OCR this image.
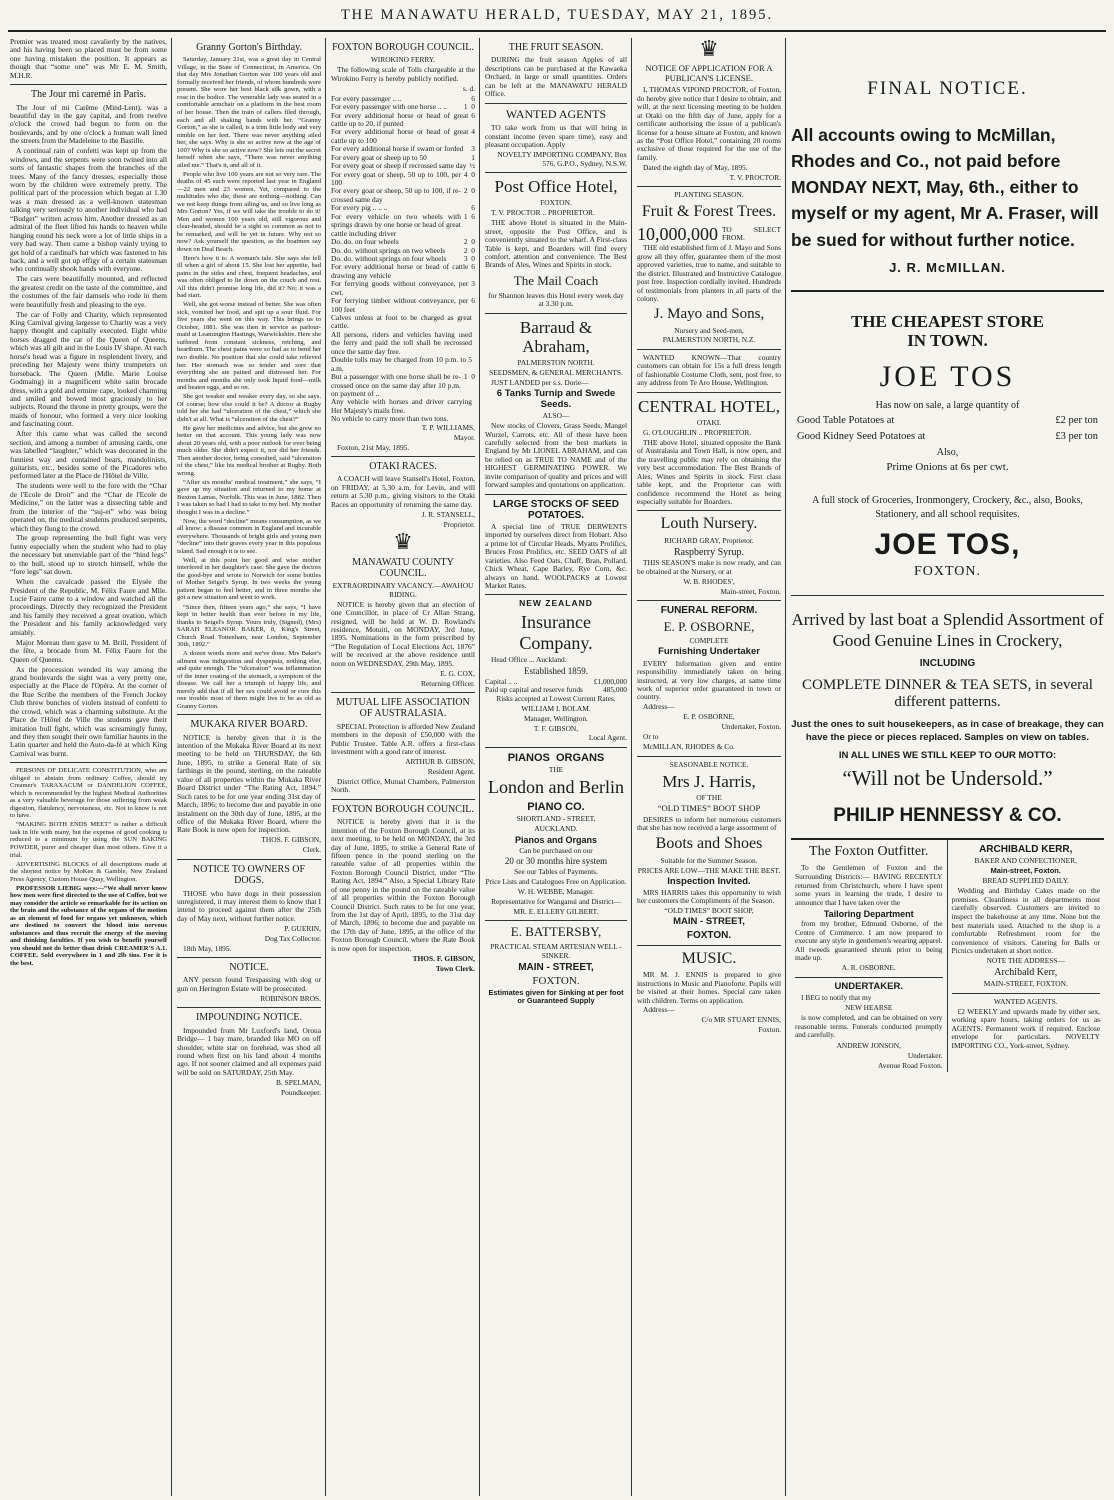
THE MANAWATU HERALD, TUESDAY, MAY 21, 1895.

Premier was treated most cavalierly by the natives, and his having been so placed must be from some one having mistaken the position. It appears as though that “some one” was Mr E. M. Smith, M.H.R.

The Jour mi caremé in Paris.

The Jour of mi Carême (Mind-Lent), was a beautiful day in the gay capital, and from twelve o'clock the crowd had begun to form on the boulevards, and by one o'clock a human wall lined the streets from the Madeleine to the Bastille.

A continual rain of confetti was kept up from the windows, and the serpents were soon twined into all sorts of fantastic shapes from the branches of the trees. Many of the fancy dresses, especially those worn by the children were extremely pretty. The political part of the procession which began at 1.30 was a man dressed as a well-known statesman talking very seriously to another individual who had “Budget” written across him. Another dressed as an admiral of the fleet lifted his hands to heaven while hanging round his neck were a lot of little ships in a very bad way. Then came a bishop vainly trying to get hold of a cardinal's hat which was fastened to his back, and a well got up effigy of a certain statesman who continually shook hands with everyone.

The cars were beautifully mounted, and reflected the greatest credit on the taste of the committee, and the costumes of the fair damsels who rode in them were beautifully fresh and pleasing to the eye.

The car of Folly and Charity, which represented King Carnival giving largesse to Charity was a very happy thought and capitally executed. Eight white horses dragged the car of the Queen of Queens, which was all gilt and in the Louis IV shape. At each horse's head was a figure in resplendent livery, and preceding her Majesty were thirty trumpeters on horseback. The Queen (Mdle. Marie Louise Godmaing) in a magnificent white satin brocade dress, with a gold and ermine cape, looked charming and smiled and bowed most graciously to her subjects. Round the throne in pretty groups, were the maids of honour, who formed a very nice looking and fascinating court.

After this came what was called the second section, and among a number of amusing cards, one was labelled “laughter,” which was decorated in the funniest way and contained bears, mandolinists, guitarists, etc., besides some of the Picadores who performed later at the Place de l'Hôtel de Ville.

The students were well to the fore with the “Char de l'Ecole de Droit” and the “Char de l'Ecole de Medicine,” on the latter was a dissecting table and from the interior of the “suj-et” who was being operated on, the medical students produced serpents, which they flung to the crowd.

The group representing the bull fight was very funny especially when the student who had to play the necessary but unenviable part of the “hind legs” to the bull, stood up to stretch himself, while the “fore legs” sat down.

When the cavalcade passed the Elysée the President of the Republic, M. Félix Faure and Mlle. Lucie Faure came to a window and watched all the proceedings. Directly they recognized the President and his family they received a great ovation, which the President and his family acknowledged very amiably.

Major Moreau then gave to M. Brill, President of the fête, a brocade from M. Félix Faure for the Queen of Queens.

As the procession wended its way among the grand boulevards the sight was a very pretty one, especially at the Place de l'Opéra. At the corner of the Rue Scribe the members of the French Jockey Club threw bunches of violets instead of confetti to the crowd, which was a charming substitute. At the Place de l'Hôtel de Ville the students gave their imitation bull fight, which was screamingly funny, and they then sought their own familiar haunts in the Latin quarter and held the Auto-da-fé at which King Carnival was burnt.

PERSONS OF DELICATE CONSTITUTION, who are obliged to abstain from ordinary Coffee, should try Creamer's TARAXACUM or DANDELION COFFEE, which is recommended by the highest Medical Authorities as a very valuable beverage for those suffering from weak digestion, flatulency, nervousness, etc. Not to know is not to have.

“MAKING BOTH ENDS MEET” is rather a difficult task in life with many, but the expense of good cooking is reduced to a minimum by using the SUN BAKING POWDER, purer and cheaper than most others. Give it a trial.

ADVERTISING BLOCKS of all descriptions made at the shortest notice by MoKee & Gamble, New Zealand Press Agency, Custom House Quay, Wellington.

PROFESSOR LIEBIG says:—“We shall never know how men were first directed to the use of Coffee, but we may consider the article so remarkable for its action on the brain and the substance of the organs of the motion as an element of food for organs yet unknown, which are destined to convert the blood into nervous substances and thus recruit the energy of the moving and thinking faculties. If you wish to benefit yourself you should not do better than drink CREAMER'S A.1. COFFEE. Sold everywhere in 1 and 2lb tins. For it is the best.

Granny Gorton's Birthday.

Saturday, January 21st, was a great day in Central Village, in the State of Connecticut, in America. On that day Mrs Jonathan Gorton was 100 years old and formally received her friends, of whom hundreds were present. She wore her best black silk gown, with a rose in the bodice. The venerable lady was seated in a comfortable armchair on a platform in the best room of her house. Then the train of callers filed through, each and all shaking hands with her. “Granny Gorton,” as she is called, is a trim little body and very nimble on her feet. There was never anything ailed her, she says. Why is she so active now at the age of 100? Why is she so active now? She lets out the secret herself when she says, “There was never anything ailed me.” That's it, and all of it.

People who live 100 years are not so very rare. The deaths of 45 such were reported last year in England—22 men and 23 women. Yet, compared to the multitudes who die, these are nothing—nothing. Can we not keep things from ailing us, and so live long as Mrs Gorton? Yes, if we will take the trouble to do it! Men and women 100 years old, still vigorous and clear-headed, should be a sight so common as not to be remarked, and will be yet in future. Why not so now? Ask yourself the question, as the boatmen say down on Deal Beach.

Here's how it is: A woman's tale. She says she fell ill when a girl of about 15. She lost her appetite, had pains in the sides and chest, frequent headaches, and was often obliged to lie down on the couch and rest. All this didn't promise long life, did it? No; it was a bad start.

Well, she got worse instead of better. She was often sick, vomited her food, and spit up a sour fluid. For five years she went on this way. This brings us to October, 1881. She was then in service as parlour-maid at Leamington Hastings, Warwickshire. Here she suffered from constant sickness, retching, and heartburn. The chest pains were so bad as to bend her two double. No position that she could take relieved her. Her stomach was so tender and sore that everything she ate pained and distressed her. For months and months she only took liquid food—milk and beaten eggs, and so on.

She got weaker and weaker every day, so she says. Of course; how else could it be? A doctor at Rugby told her she had “ulceration of the chest,” which she didn't at all. What is “ulceration of the chest?”

He gave her medicines and advice, but she grew no better on that account. This young lady was now about 20 years old, with a poor outlook for ever being much older. She didn't expect it, nor did her friends. Then another doctor, being consulted, said “ulceration of the chest,” like his medical brother at Rugby. Both wrong.

“After six months' medical treatment,” she says, “I gave up my situation and returned to my home at Buxton Lamas, Norfolk. This was in June, 1882. Then I was taken so bad I had to take to my bed. My mother thought I was in a decline.”

Now, the word “decline” means consumption, as we all know: a disease common in England and incurable everywhere. Thousands of bright girls and young men “decline” into their graves every year in this populous island. Sad enough it is to see.

Well, at this point her good and wise mother interfered in her daughter's case. She gave the doctors the good-bye and wrote to Norwich for some bottles of Mother Seigel's Syrup. In two weeks the young patient began to feel better, and in three months she got a new situation and went to work.

“Since then, fifteen years ago,” she says, “I have kept in better health than ever before in my life, thanks to Seigel's Syrup. Yours truly, (Signed), (Mrs) SARAH ELEANOR BAKER, 8, King's Street, Church Road Tottenham, near London, September 30th, 1892.”

A dozen words more and we've done. Mrs Baker's ailment was indigestion and dyspepsia, nothing else, and quite enough. The “ulceration” was inflammation of the inner coating of the stomach, a symptom of the disease. We call her a triumph of happy life, and merely add that if all her sex could avoid or cure this one trouble most of them might live to be as old as Granny Gorton.

MUKAKA RIVER BOARD.

NOTICE is hereby given that it is the intention of the Mukaka River Board at its next meeting to be held on THURSDAY, the 6th June, 1895, to strike a General Rate of six farthings in the pound, sterling, on the rateable value of all properties within the Mukaka River Board District under “The Rating Act, 1894.” Such rates to be for one year ending 31st day of March, 1896; to become due and payable in one instalment on the 30th day of June, 1895, at the office of the Mukaka River Board, where the Rate Book is now open for inspection.

THOS. F. GIBSON,

Clerk.

NOTICE TO OWNERS OF DOGS.

THOSE who have dogs in their possession unregistered, it may interest them to know that I intend to proceed against them after the 25th day of May next, without further notice.

P. GUERIN,

Dog Tax Collector.

18th May, 1895.

NOTICE.

ANY person found Trespassing with dog or gun on Herington Estate will be prosecuted.

ROBINSON BROS.

IMPOUNDING NOTICE.

Impounded from Mr Luxford's land, Oroua Bridge— 1 bay mare, branded like MO on off shoulder, white star on forehead, was shod all round when first on his land about 4 months ago. If not sooner claimed and all expenses paid will be sold on SATURDAY, 25th May.

B. SPELMAN,

Poundkeeper.

FOXTON BOROUGH COUNCIL.

WIROKINO FERRY.

The following scale of Tolls chargeable at the Wirokino Ferry is hereby publicly notified.

s. d.

For every passenger .. ..	6
For every passenger with one horse .. ..	1  0
For every additional horse or head of great cattle up to 20, if punted
6
For every additional horse or head of great cattle up to 100
4
For every additional horse if swam or forded	3
For every goat or sheep up to 50	1
For every goat or sheep if recrossed same day ½
For every goat or sheep, 50 up to 100, per 100
4  0
For every goat or sheep, 50 up to 100, if re-crossed same day
2  0
For every pig .. .. ..	6
For every vehicle on two wheels with springs drawn by one horse or head of great cattle including driver
1  6
Do. do. on four wheels	2  0
Do. do. without springs on two wheels	2  0
Do. do. without springs on four wheels	3  0
For every additional horse or head of cattle drawing any vehicle
6
For ferrying goods without conveyance, per cwt.
3
For ferrying timber without conveyance, per 100 feet
6
Calves unless at foot to be charged as great cattle.
All persons, riders and vehicles having used the ferry and paid the toll shall be recrossed once the same day free.
Double tolls may be charged from 10 p.m. to 5 a.m.
But a passenger with one horse shall be re-crossed once on the same day after 10 p.m. on payment of ..
1  0
Any vehicle with horses and driver carrying Her Majesty's mails free.
No vehicle to carry more than two tons.

T. P. WILLIAMS,

Mayor.

Foxton, 21st May, 1895.

OTAKI RACES.

A COACH will leave Stansell's Hotel, Foxton, on FRIDAY, at 5.30 a.m. for Levin, and will return at 5.30 p.m., giving visitors to the Otaki Races an opportunity of returning the same day.

J. R. STANSELL,

Proprietor.

♛
MANAWATU COUNTY COUNCIL.

EXTRAORDINARY VACANCY.—AWAHOU RIDING.

NOTICE is hereby given that an election of one Councillor, in place of Cr Allan Strang, resigned, will be held at W. D. Rowland's residence, Motuiti, on MONDAY, 3rd June, 1895. Nominations in the form prescribed by “The Regulation of Local Elections Act, 1876” will be received at the above residence until noon on WEDNESDAY, 29th May, 1895.

E. G. COX,

Returning Officer.

MUTUAL LIFE ASSOCIATION OF AUSTRALASIA.

SPECIAL Protection is afforded New Zealand members in the deposit of £50,000 with the Public Trustee. Table A.R. offers a first-class investment with a good rate of interest.

ARTHUR B. GIBSON,

Resident Agent.

District Office, Mutual Chambers, Palmerston North.

FOXTON BOROUGH COUNCIL.

NOTICE is hereby given that it is the intention of the Foxton Borough Council, at its next meeting, to be held on MONDAY, the 3rd day of June, 1895, to strike a General Rate of fifteen pence in the pound sterling on the rateable value of all properties within the Foxton Borough Council District, under “The Rating Act, 1894.” Also, a Special Library Rate of one penny in the pound on the rateable value of all properties within the Foxton Borough Council District. Such rates to be for one year, from the 1st day of April, 1895, to the 31st day of March, 1896; to become due and payable on the 17th day of June, 1895, at the office of the Foxton Borough Council, where the Rate Book is now open for inspection.

THOS. F. GIBSON,

Town Clerk.

THE FRUIT SEASON.

DURING the fruit season Apples of all descriptions can be purchased at the Kawaeka Orchard, in large or small quantities. Orders can be left at the MANAWATU HERALD Office.

WANTED AGENTS

TO take work from us that will bring in constant income (even spare time), easy and pleasant occupation. Apply

NOVELTY IMPORTING COMPANY, Box 576, G.P.O., Sydney, N.S.W.

Post Office Hotel,

FOXTON.

T. V. PROCTOR .. PROPRIETOR.

THE above Hotel is situated in the Main-street, opposite the Post Office, and is conveniently situated to the wharf. A First-class Table is kept, and Boarders will find every comfort, attention and convenience. The Best Brands of Ales, Wines and Spirits in stock.

The Mail Coach

for Shannon leaves this Hotel every week day at 3.30 p.m.

Barraud & Abraham,

PALMERSTON NORTH.

SEEDSMEN, & GENERAL MERCHANTS.

JUST LANDED per s.s. Dorie—

6 Tanks Turnip and Swede Seeds.

ALSO—

New stocks of Clovers, Grass Seeds, Mangel Wurzel, Carrots, etc. All of these have been carefully selected from the best markets in England by Mr LIONEL ABRAHAM, and can be relied on as TRUE TO NAME and of the HIGHEST GERMINATING POWER. We invite comparison of quality and prices and will forward samples and quotations on application.

LARGE STOCKS OF SEED POTATOES.

A special line of TRUE DERWENTS imported by ourselves direct from Hobart. Also a prime lot of Circular Heads, Myatts Prolifics, Bruces Frost Prolifics, etc. SEED OATS of all varieties. Also Feed Oats, Chaff, Bran, Pollard, Chick Wheat, Cape Barley, Rye Corn, &c. always on hand. WOOLPACKS at Lowest Market Rates.

NEW ZEALAND

Insurance Company.

Head Office ... Auckland.

Established 1859.

Capital .. ..	£1,000,000
Paid up capital and reserve funds	485,000

Risks accepted at Lowest Current Rates.

WILLIAM I. BOLAM.

Manager, Wellington.

T. F. GIBSON,

Local Agent.

PIANOS  ORGANS

THE

London and Berlin

PIANO CO.

SHORTLAND - STREET,

AUCKLAND.

Pianos and Organs

Can be purchased on our

20 or 30 months hire system

See our Tables of Payments.

Price Lists and Catalogues Free on Application.

W. H. WEBBE, Manager.

Representative for Wanganui and District—

MR. E. ELLERY GILBERT.

E. BATTERSBY,

PRACTICAL STEAM ARTESIAN WELL - SINKER.

MAIN - STREET,

FOXTON.

Estimates given for Sinking at per foot or Guaranteed Supply

♛
NOTICE OF APPLICATION FOR A PUBLICAN'S LICENSE.

I, THOMAS VIPOND PROCTOR, of Foxton, do hereby give notice that I desire to obtain, and will, at the next licensing meeting to be holden at Otaki on the fifth day of June, apply for a certificate authorising the issue of a publican's license for a house situate at Foxton, and known as the “Post Office Hotel,” containing 20 rooms exclusive of those required for the use of the family.

Dated the eighth day of May, 1895.

T. V. PROCTOR.

PLANTING SEASON.

Fruit & Forest Trees.
10,000,000 TO SELECT FROM.

THE old established firm of J. Mayo and Sons grow all they offer, guarantee them of the most approved varieties, true to name, and suitable to the district. Illustrated and Instructive Catalogue post free. Inspection cordially invited. Hundreds of testimonials from planters in all parts of the colony.

J. Mayo and Sons,

Nursery and Seed-men,

PALMERSTON NORTH, N.Z.

WANTED KNOWN—That country customers can obtain for 15s a full dress length of fashionable Costume Cloth, sent, post free, to any address from Te Aro House, Wellington.

CENTRAL HOTEL,

OTAKI.

G. O'LOUGHLIN .. PROPRIETOR.

THE above Hotel, situated opposite the Bank of Australasia and Town Hall, is now open, and the travelling public may rely on obtaining the very best accommodation. The Best Brands of Ales, Wines and Spirits in stock. First class table kept, and the Proprietor can with confidence recommend the Hotel as being especially suitable for Boarders.

Louth Nursery.

RICHARD GRAY, Proprietor.

Raspberry Syrup.

THIS SEASON'S make is now ready, and can be obtained at the Nursery, or at

W. B. RHODES',

Main-street, Foxton.

FUNERAL REFORM.

E. P. OSBORNE,

COMPLETE

Furnishing Undertaker

EVERY Information given and entire responsibility immediately taken on being instructed, at very low charges, at same time work of superior order guaranteed in town or country.

Address—

E. P. OSBORNE,

Undertaker, Foxton.

Or to

McMILLAN, RHODES & Co.

SEASONABLE NOTICE.

Mrs J. Harris,

OF THE

“OLD TIMES” BOOT SHOP

DESIRES to inform her numerous customers that she has now received a large assortment of

Boots and Shoes

Suitable for the Summer Season.

PRICES ARE LOW—THE MAKE THE BEST.

Inspection Invited.

MRS HARRIS takes this opportunity to wish her customers the Compliments of the Season.

“OLD TIMES” BOOT SHOP,

MAIN - STREET,

FOXTON.

MUSIC.

MR M. J. ENNIS is prepared to give instructions in Music and Pianoforte. Pupils will be visited at their homes. Special care taken with children. Terms on application.

Address—

C/o MR STUART ENNIS,

Foxton.

FINAL NOTICE.
All accounts owing to McMillan, Rhodes and Co., not paid before MONDAY NEXT, May, 6th., either to myself or my agent, Mr A. Fraser, will be sued for without further notice.
J. R. McMILLAN.
THE CHEAPEST STORE IN TOWN.
JOE TOS
Has now on sale, a large quantity of
Good Table Potatoes at	£2 per ton
Good Kidney Seed Potatoes at	£3 per ton
Also,
Prime Onions at 6s per cwt.
A full stock of Groceries, Ironmongery, Crockery, &c., also, Books, Stationery, and all school requisites.
JOE TOS,
FOXTON.
Arrived by last boat a Splendid Assortment of Good Genuine Lines in Crockery,
INCLUDING
COMPLETE DINNER & TEA SETS, in several different patterns.
Just the ones to suit housekeepers, as in case of breakage, they can have the piece or pieces replaced. Samples on view on tables.
IN ALL LINES WE STILL KEEP TO OUR MOTTO:
“Will not be Undersold.”
PHILIP HENNESSY & CO.

The Foxton Outfitter.

To the Gentlemen of Foxton and the Surrounding Districts:— HAVING RECENTLY returned from Christchurch, where I have spent some years in learning the trade, I desire to announce that I have taken over the

Tailoring Department

from my brother, Edmund Osborne, of the Centre of Commerce. I am now prepared to execute any style in gentlemen's wearing apparel. All tweeds guaranteed shrunk prior to being made up.

A. R. OSBORNE.

UNDERTAKER.

I BEG to notify that my

NEW HEARSE

is now completed, and can be obtained on very reasonable terms. Funerals conducted promptly and carefully.

ANDREW JONSON,

Undertaker.

Avenue Road Foxton.

ARCHIBALD KERR,

BAKER AND CONFECTIONER,

Main-street, Foxton.

BREAD SUPPLIED DAILY.

Wedding and Birthday Cakes made on the premises. Cleanliness in all departments most carefully observed. Customers are invited to inspect the bakehouse at any time. None but the best materials used. Attached to the shop is a comfortable Refreshment room for the convenience of visitors. Catering for Balls or Picnics undertaken at short notice.

NOTE THE ADDRESS—

Archibald Kerr,

MAIN-STREET, FOXTON.

WANTED AGENTS.

£2 WEEKLY and upwards made by either sex, working spare hours, taking orders for us as AGENTS. Permanent work if required. Enclose envelope for particulars. NOVELTY IMPORTING CO., York-street, Sydney.
